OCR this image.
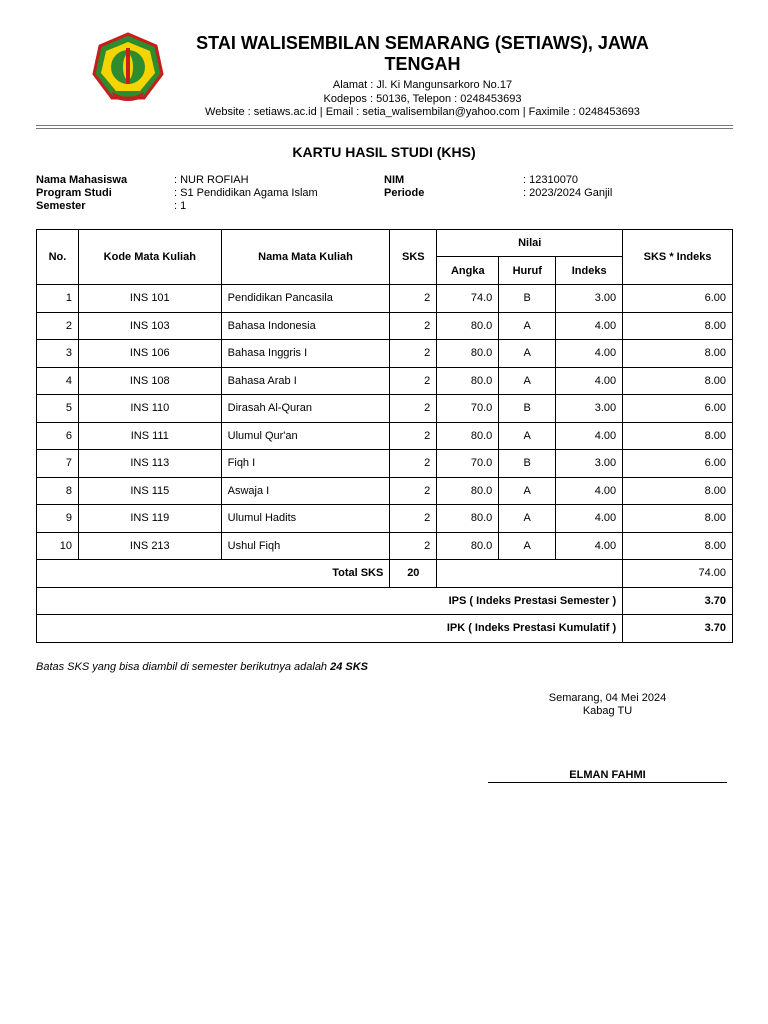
STAI WALISEMBILAN SEMARANG (SETIAWS), JAWA TENGAH
Alamat : Jl. Ki Mangunsarkoro No.17
Kodepos : 50136, Telepon : 0248453693
Website : setiaws.ac.id | Email : setia_walisembilan@yahoo.com | Faximile : 0248453693
KARTU HASIL STUDI (KHS)
Nama Mahasiswa	: NUR ROFIAH
Program Studi	: S1 Pendidikan Agama Islam
Semester	: 1
NIM	: 12310070
Periode	: 2023/2024 Ganjil
No.	Kode Mata Kuliah	Nama Mata Kuliah	SKS	Nilai			SKS * Indeks
				Angka	Huruf	Indeks	
1	INS 101	Pendidikan Pancasila	2	74.0	B	3.00	6.00
2	INS 103	Bahasa Indonesia	2	80.0	A	4.00	8.00
3	INS 106	Bahasa Inggris I	2	80.0	A	4.00	8.00
4	INS 108	Bahasa Arab I	2	80.0	A	4.00	8.00
5	INS 110	Dirasah Al-Quran	2	70.0	B	3.00	6.00
6	INS 111	Ulumul Qur'an	2	80.0	A	4.00	8.00
7	INS 113	Fiqh I	2	70.0	B	3.00	6.00
8	INS 115	Aswaja I	2	80.0	A	4.00	8.00
9	INS 119	Ulumul Hadits	2	80.0	A	4.00	8.00
10	INS 213	Ushul Fiqh	2	80.0	A	4.00	8.00
Total SKS			20				74.00
IPS ( Indeks Prestasi Semester )							3.70
IPK ( Indeks Prestasi Kumulatif )							3.70
Batas SKS yang bisa diambil di semester berikutnya adalah 24 SKS
Semarang, 04 Mei 2024
Kabag TU
ELMAN FAHMI
